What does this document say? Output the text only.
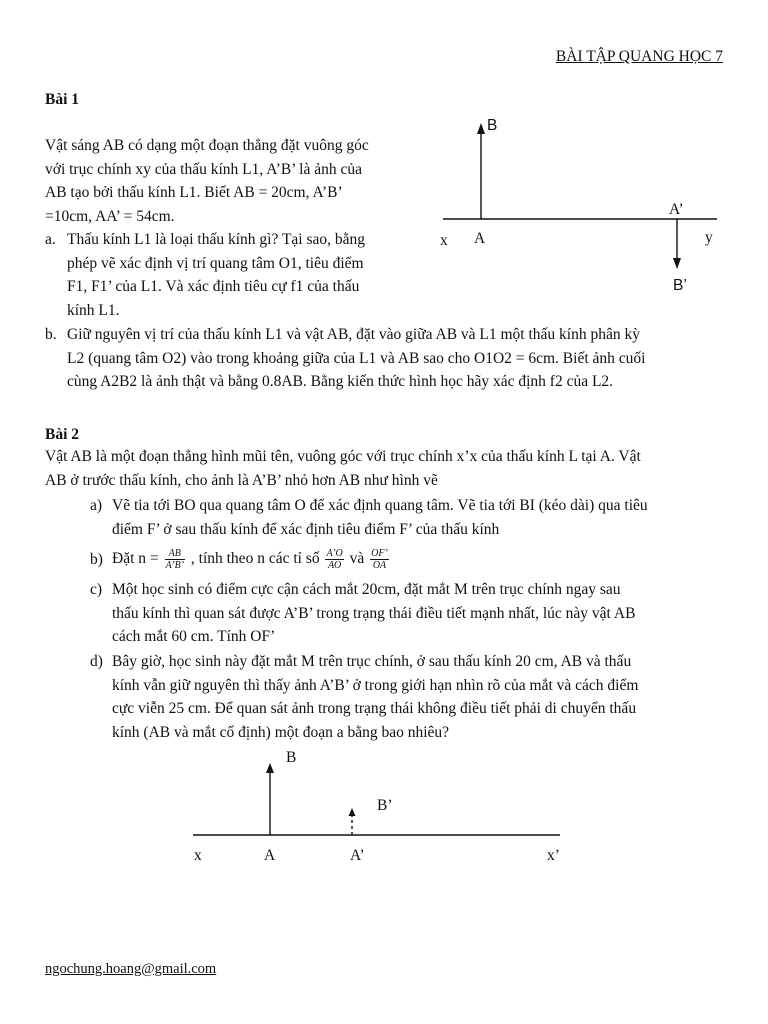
BÀI TẬP QUANG HỌC 7
Bài 1
Vật sáng AB có dạng một đoạn thẳng đặt vuông góc
với trục chính xy của thấu kính L1, A’B’ là ảnh của
AB tạo bởi thấu kính L1. Biết AB = 20cm, A’B’
=10cm, AA’ = 54cm.
a. Thấu kính L1 là loại thấu kính gì? Tại sao, bằng
phép vẽ xác định vị trí quang tâm O1, tiêu điểm
F1, F1’ của L1. Và xác định tiêu cự f1 của thấu
kính L1.
b. Giữ nguyên vị trí của thấu kính L1 và vật AB, đặt vào giữa AB và L1 một thấu kính phân kỳ
L2 (quang tâm O2) vào trong khoảng giữa của L1 và AB sao cho O1O2 = 6cm. Biết ảnh cuối
cùng A2B2 là ảnh thật và bằng 0.8AB. Bằng kiến thức hình học hãy xác định f2 của L2.
B
A
A’
B’
x	y
Bài 2
Vật AB là một đoạn thẳng hình mũi tên, vuông góc với trục chính x’x của thấu kính L tại A. Vật
AB ở trước thấu kính, cho ảnh là A’B’ nhỏ hơn AB như hình vẽ
a) Vẽ tia tới BO qua quang tâm O để xác định quang tâm. Vẽ tia tới BI (kéo dài) qua tiêu
điểm F’ ở sau thấu kính để xác định tiêu điểm F’ của thấu kính
b) Đặt $n = \frac{AB}{A’B’}$ , tính theo n các tỉ số $\frac{A’O}{AO}$ và $\frac{OF’}{OA}$
c) Một học sinh có điểm cực cận cách mắt 20cm, đặt mắt M trên trục chính ngay sau
thấu kính thì quan sát được A’B’ trong trạng thái điều tiết mạnh nhất, lúc này vật AB
cách mắt 60 cm. Tính OF’
d) Bây giờ, học sinh này đặt mắt M trên trục chính, ở sau thấu kính 20 cm, AB và thấu
kính vẫn giữ nguyên thì thấy ảnh A’B’ ở trong giới hạn nhìn rõ của mắt và cách điểm
cực viễn 25 cm. Để quan sát ảnh trong trạng thái không điều tiết phải di chuyển thấu
kính (AB và mắt cố định) một đoạn a bằng bao nhiêu?
B
B’
x	A	A’	x’
ngochung.hoang@gmail.com
